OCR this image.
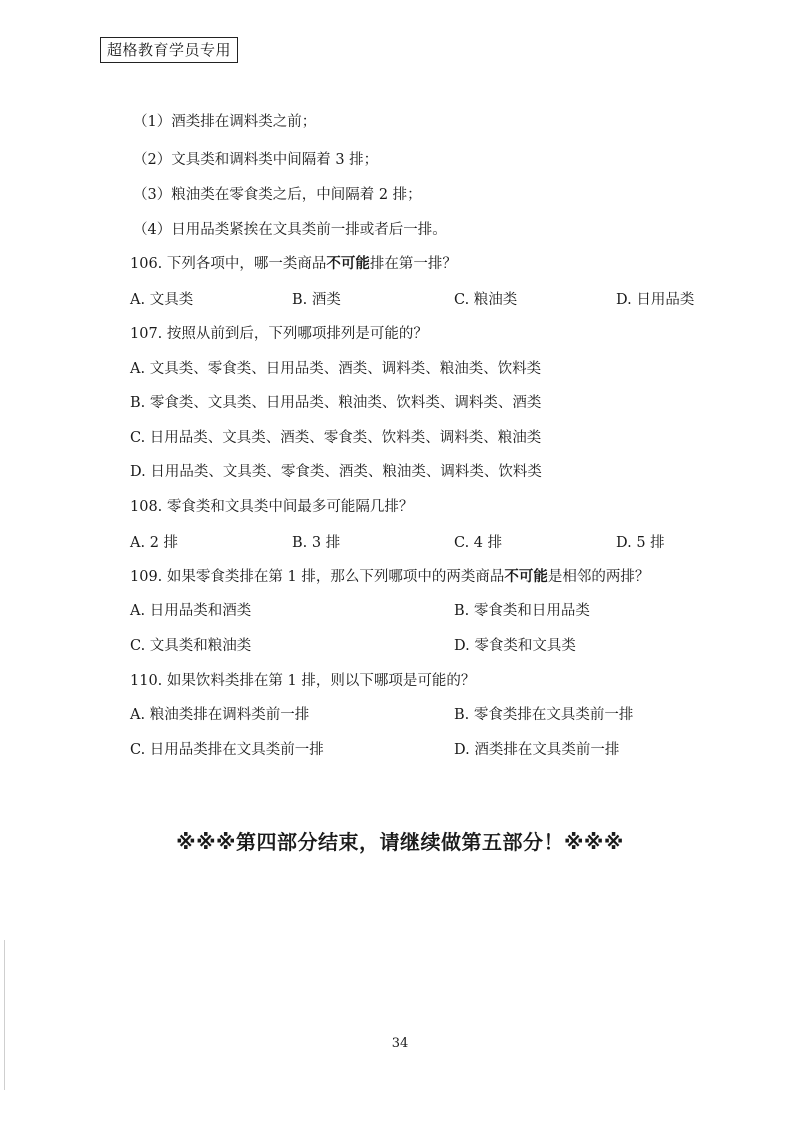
超格教育学员专用
（1）酒类排在调料类之前；
（2）文具类和调料类中间隔着 3 排；
（3）粮油类在零食类之后，中间隔着 2 排；
（4）日用品类紧挨在文具类前一排或者后一排。
106. 下列各项中，哪一类商品不可能排在第一排？
A. 文具类	B. 酒类	C. 粮油类	D. 日用品类
107. 按照从前到后，下列哪项排列是可能的？
A. 文具类、零食类、日用品类、酒类、调料类、粮油类、饮料类
B. 零食类、文具类、日用品类、粮油类、饮料类、调料类、酒类
C. 日用品类、文具类、酒类、零食类、饮料类、调料类、粮油类
D. 日用品类、文具类、零食类、酒类、粮油类、调料类、饮料类
108. 零食类和文具类中间最多可能隔几排？
A. 2 排	B. 3 排	C. 4 排	D. 5 排
109. 如果零食类排在第 1 排，那么下列哪项中的两类商品不可能是相邻的两排？
A. 日用品类和酒类	B. 零食类和日用品类
C. 文具类和粮油类	D. 零食类和文具类
110. 如果饮料类排在第 1 排，则以下哪项是可能的？
A. 粮油类排在调料类前一排	B. 零食类排在文具类前一排
C. 日用品类排在文具类前一排	D. 酒类排在文具类前一排
※※※第四部分结束，请继续做第五部分！※※※
34
